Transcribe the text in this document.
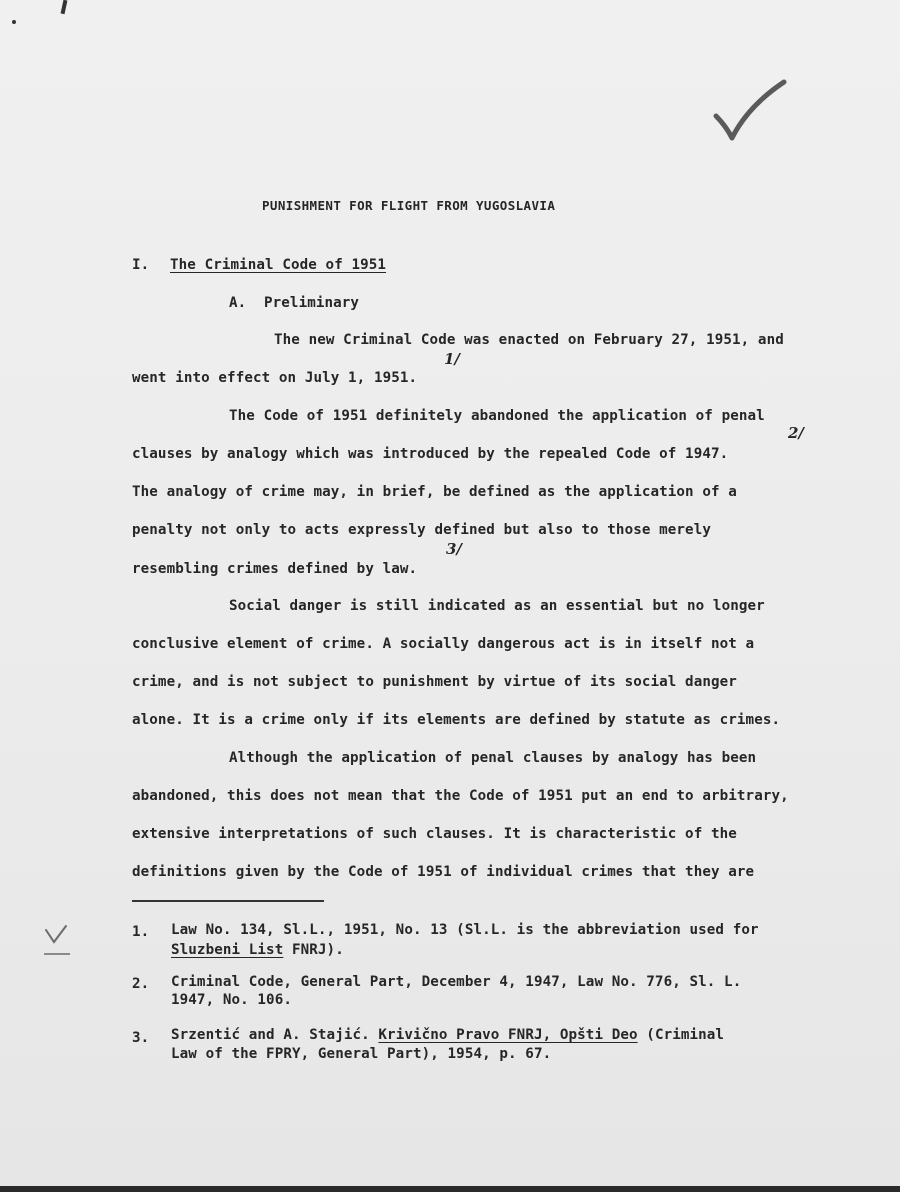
PUNISHMENT FOR FLIGHT FROM YUGOSLAVIA
I. The Criminal Code of 1951
A. Preliminary
The new Criminal Code was enacted on February 27, 1951, and
went into effect on July 1, 1951.
1/
The Code of 1951 definitely abandoned the application of penal
clauses by analogy which was introduced by the repealed Code of 1947.
2/
The analogy of crime may, in brief, be defined as the application of a
penalty not only to acts expressly defined but also to those merely
resembling crimes defined by law.
3/
Social danger is still indicated as an essential but no longer
conclusive element of crime. A socially dangerous act is in itself not a
crime, and is not subject to punishment by virtue of its social danger
alone. It is a crime only if its elements are defined by statute as crimes.
Although the application of penal clauses by analogy has been
abandoned, this does not mean that the Code of 1951 put an end to arbitrary,
extensive interpretations of such clauses. It is characteristic of the
definitions given by the Code of 1951 of individual crimes that they are
1. Law No. 134, Sl.L., 1951, No. 13 (Sl.L. is the abbreviation used for
Sluzbeni List FNRJ).
2. Criminal Code, General Part, December 4, 1947, Law No. 776, Sl. L.
1947, No. 106.
3. Srzentić and A. Stajić. Krivično Pravo FNRJ, Opšti Deo (Criminal
Law of the FPRY, General Part), 1954, p. 67.
